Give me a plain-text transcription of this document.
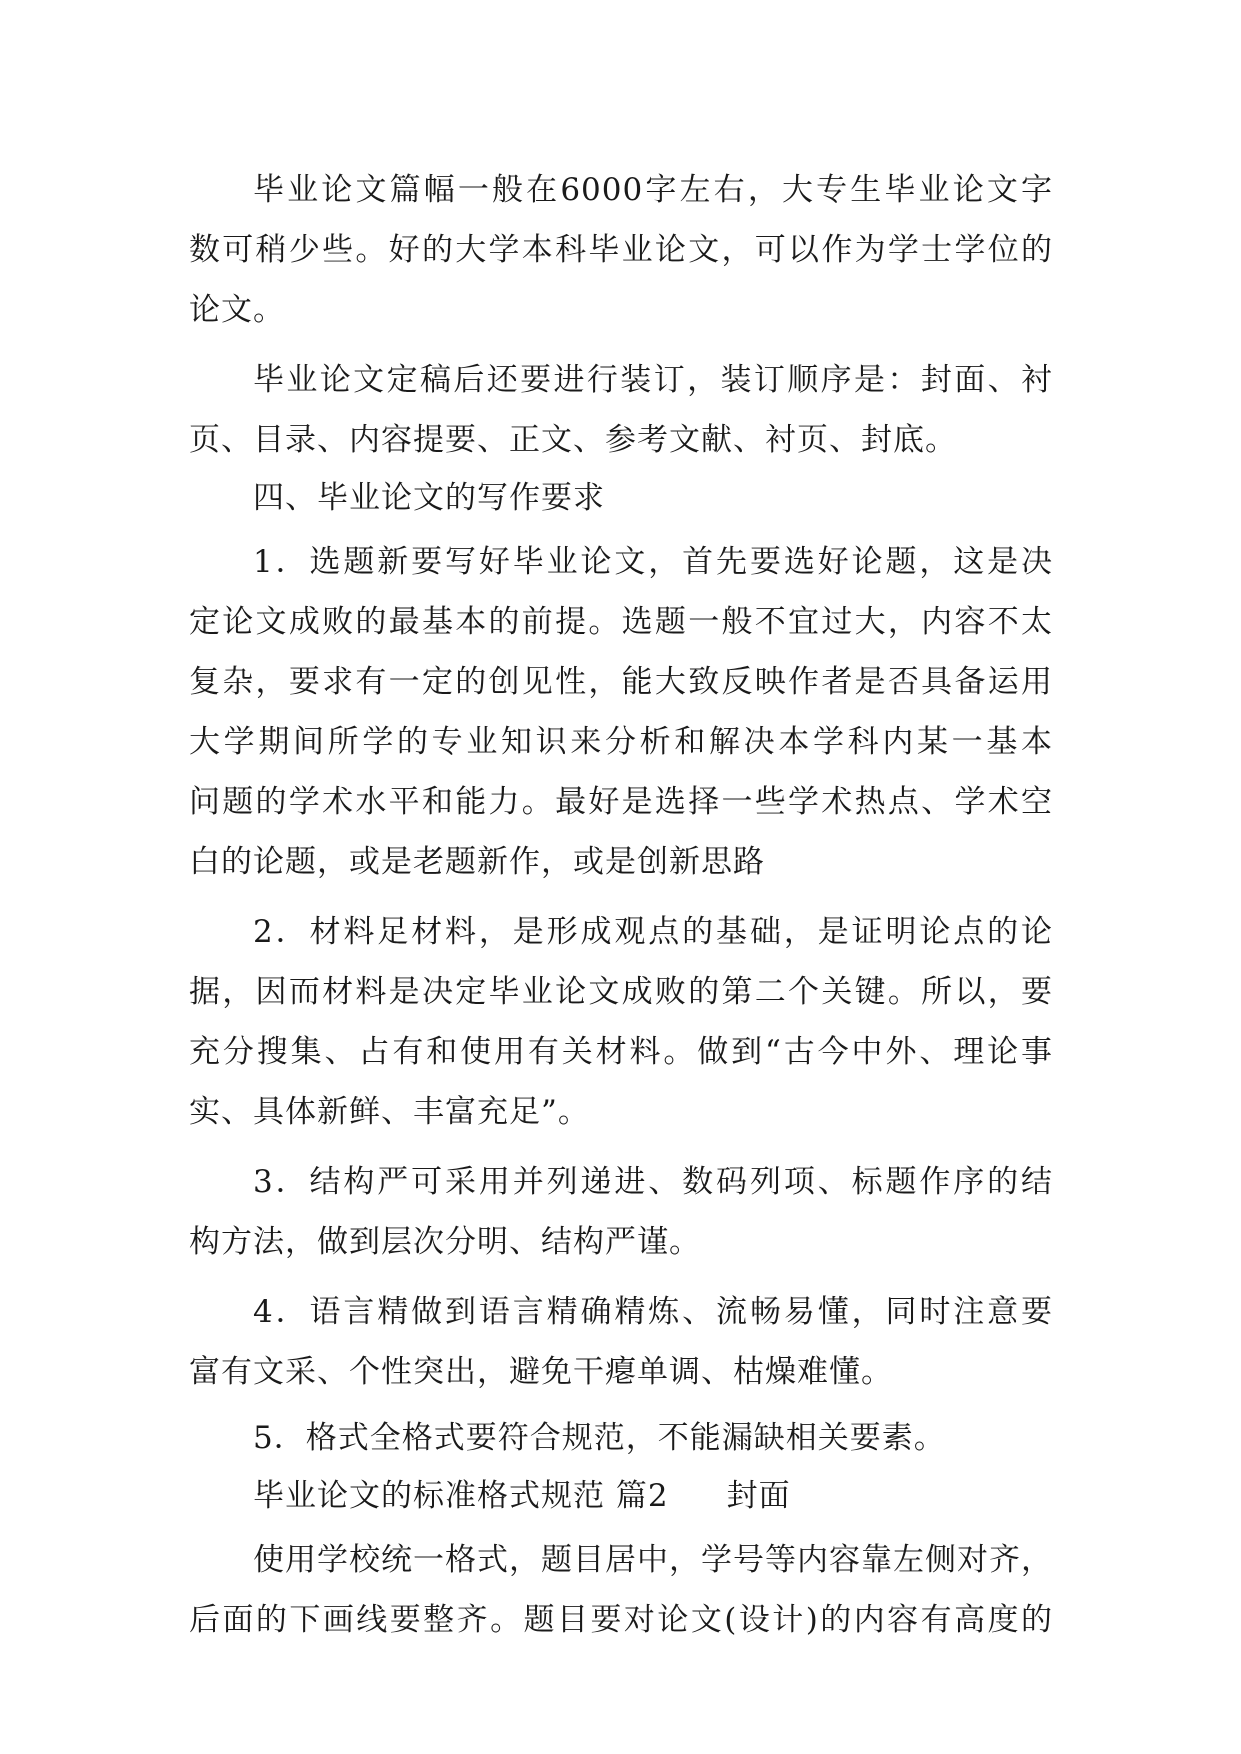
毕业论文篇幅一般在6000字左右，大专生毕业论文字
数可稍少些。好的大学本科毕业论文，可以作为学士学位的
论文。
毕业论文定稿后还要进行装订，装订顺序是：封面、衬
页、目录、内容提要、正文、参考文献、衬页、封底。
四、毕业论文的写作要求
1．选题新要写好毕业论文，首先要选好论题，这是决
定论文成败的最基本的前提。选题一般不宜过大，内容不太
复杂，要求有一定的创见性，能大致反映作者是否具备运用
大学期间所学的专业知识来分析和解决本学科内某一基本
问题的学术水平和能力。最好是选择一些学术热点、学术空
白的论题，或是老题新作，或是创新思路
2．材料足材料，是形成观点的基础，是证明论点的论
据，因而材料是决定毕业论文成败的第二个关键。所以，要
充分搜集、占有和使用有关材料。做到“古今中外、理论事
实、具体新鲜、丰富充足”。
3．结构严可采用并列递进、数码列项、标题作序的结
构方法，做到层次分明、结构严谨。
4．语言精做到语言精确精炼、流畅易懂，同时注意要
富有文采、个性突出，避免干瘪单调、枯燥难懂。
5．格式全格式要符合规范，不能漏缺相关要素。
毕业论文的标准格式规范 篇2 封面
使用学校统一格式，题目居中，学号等内容靠左侧对齐，
后面的下画线要整齐。题目要对论文(设计)的内容有高度的
